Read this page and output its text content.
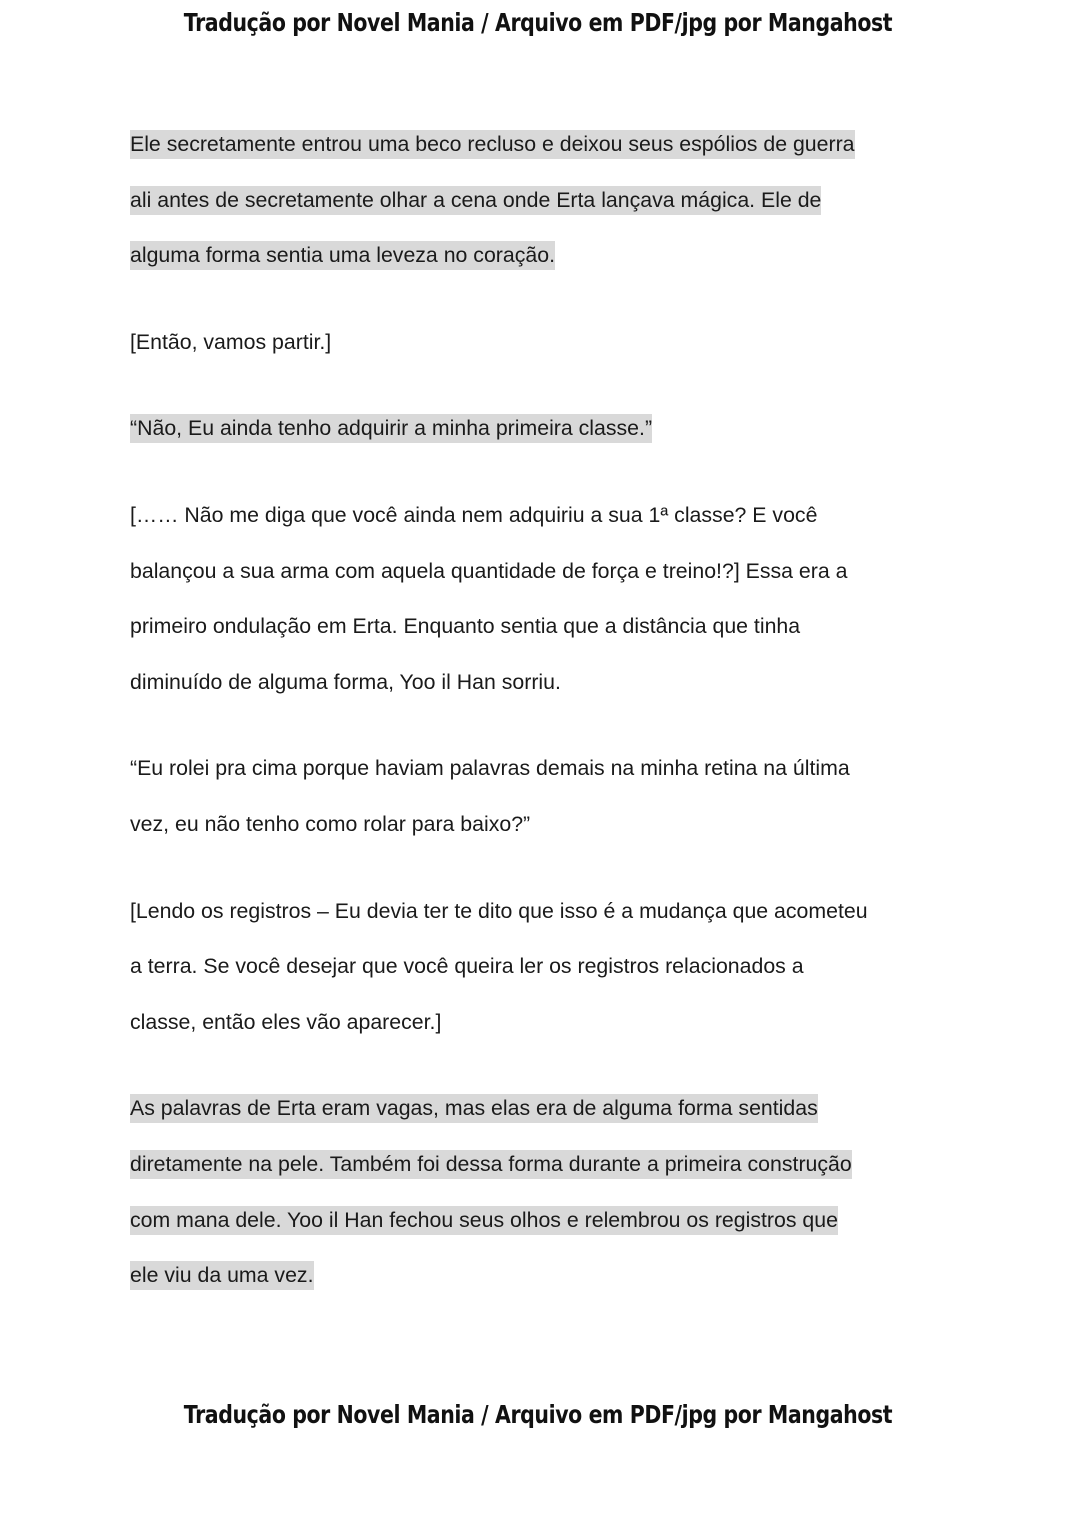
Tradução por Novel Mania / Arquivo em PDF/jpg por Mangahost
Ele secretamente entrou uma beco recluso e deixou seus espólios de guerra
ali antes de secretamente olhar a cena onde Erta lançava mágica. Ele de
alguma forma sentia uma leveza no coração.
[Então, vamos partir.]
“Não, Eu ainda tenho adquirir a minha primeira classe.”
[…… Não me diga que você ainda nem adquiriu a sua 1ª classe? E você
balançou a sua arma com aquela quantidade de força e treino!?] Essa era a
primeiro ondulação em Erta. Enquanto sentia que a distância que tinha
diminuído de alguma forma, Yoo il Han sorriu.
“Eu rolei pra cima porque haviam palavras demais na minha retina na última
vez, eu não tenho como rolar para baixo?”
[Lendo os registros – Eu devia ter te dito que isso é a mudança que acometeu
a terra. Se você desejar que você queira ler os registros relacionados a
classe, então eles vão aparecer.]
As palavras de Erta eram vagas, mas elas era de alguma forma sentidas
diretamente na pele. Também foi dessa forma durante a primeira construção
com mana dele. Yoo il Han fechou seus olhos e relembrou os registros que
ele viu da uma vez.
Tradução por Novel Mania / Arquivo em PDF/jpg por Mangahost
